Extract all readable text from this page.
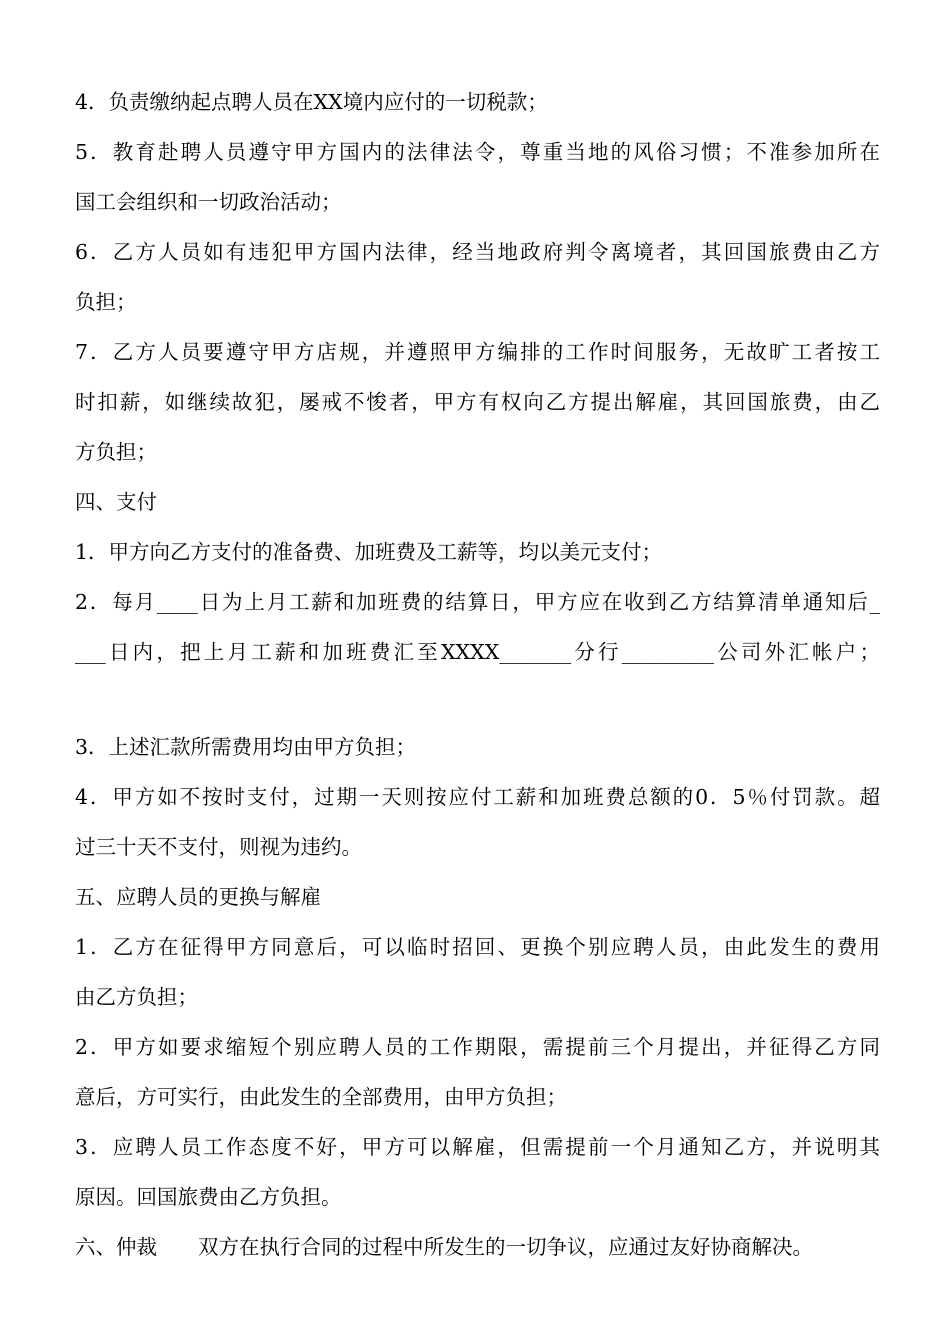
4．负责缴纳起点聘人员在XX境内应付的一切税款；
5．教育赴聘人员遵守甲方国内的法律法令，尊重当地的风俗习惯；不准参加所在
国工会组织和一切政治活动；
6．乙方人员如有违犯甲方国内法律，经当地政府判令离境者，其回国旅费由乙方
负担；
7．乙方人员要遵守甲方店规，并遵照甲方编排的工作时间服务，无故旷工者按工
时扣薪，如继续故犯，屡戒不悛者，甲方有权向乙方提出解雇，其回国旅费，由乙
方负担；
四、支付
1．甲方向乙方支付的准备费、加班费及工薪等，均以美元支付；
2．每月____日为上月工薪和加班费的结算日，甲方应在收到乙方结算清单通知后_
___日内，把上月工薪和加班费汇至XXXX_______分行_________公司外汇帐户；
3．上述汇款所需费用均由甲方负担；
4．甲方如不按时支付，过期一天则按应付工薪和加班费总额的0．5％付罚款。超
过三十天不支付，则视为违约。
五、应聘人员的更换与解雇
1．乙方在征得甲方同意后，可以临时招回、更换个别应聘人员，由此发生的费用
由乙方负担；
2．甲方如要求缩短个别应聘人员的工作期限，需提前三个月提出，并征得乙方同
意后，方可实行，由此发生的全部费用，由甲方负担；
3．应聘人员工作态度不好，甲方可以解雇，但需提前一个月通知乙方，并说明其
原因。回国旅费由乙方负担。
六、仲裁　　双方在执行合同的过程中所发生的一切争议，应通过友好协商解决。
